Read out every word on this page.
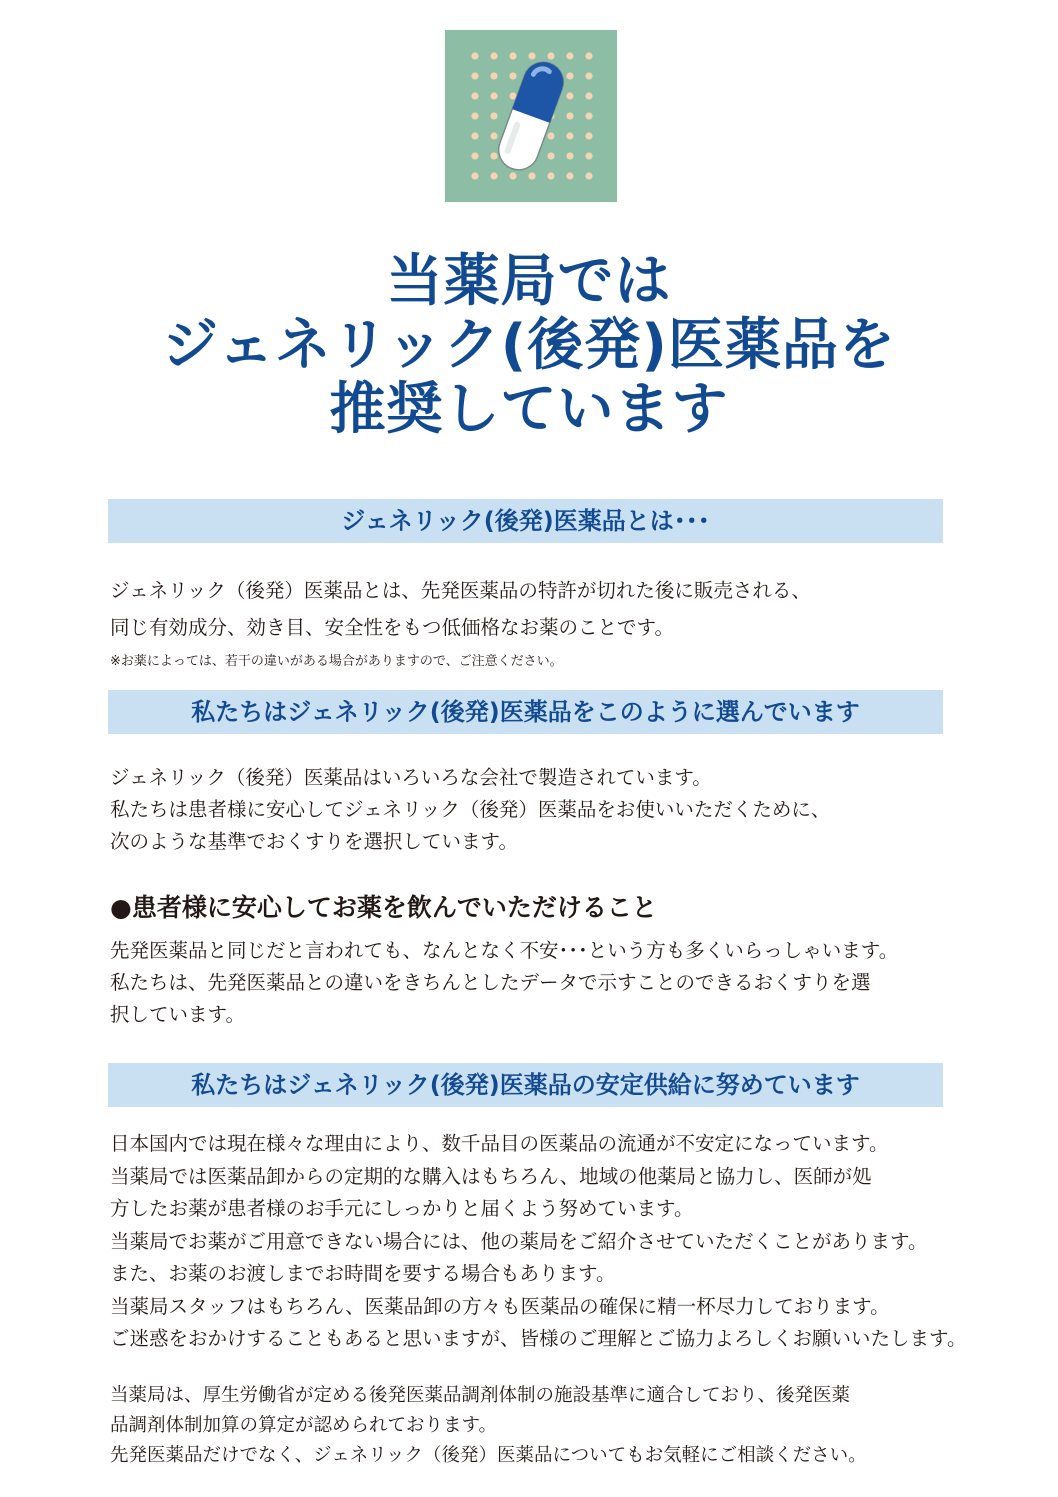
当薬局では
ジェネリック(後発)医薬品を
推奨しています
ジェネリック(後発)医薬品とは･･･
ジェネリック（後発）医薬品とは、先発医薬品の特許が切れた後に販売される、
同じ有効成分、効き目、安全性をもつ低価格なお薬のことです。
※お薬によっては、若干の違いがある場合がありますので、ご注意ください。
私たちはジェネリック(後発)医薬品をこのように選んでいます
ジェネリック（後発）医薬品はいろいろな会社で製造されています。
私たちは患者様に安心してジェネリック（後発）医薬品をお使いいただくために、
次のような基準でおくすりを選択しています。
●患者様に安心してお薬を飲んでいただけること
先発医薬品と同じだと言われても、なんとなく不安･･･という方も多くいらっしゃいます。
私たちは、先発医薬品との違いをきちんとしたデータで示すことのできるおくすりを選
択しています。
私たちはジェネリック(後発)医薬品の安定供給に努めています
日本国内では現在様々な理由により、数千品目の医薬品の流通が不安定になっています。
当薬局では医薬品卸からの定期的な購入はもちろん、地域の他薬局と協力し、医師が処
方したお薬が患者様のお手元にしっかりと届くよう努めています。
当薬局でお薬がご用意できない場合には、他の薬局をご紹介させていただくことがあります。
また、お薬のお渡しまでお時間を要する場合もあります。
当薬局スタッフはもちろん、医薬品卸の方々も医薬品の確保に精一杯尽力しております。
ご迷惑をおかけすることもあると思いますが、皆様のご理解とご協力よろしくお願いいたします。
当薬局は、厚生労働省が定める後発医薬品調剤体制の施設基準に適合しており、後発医薬
品調剤体制加算の算定が認められております。
先発医薬品だけでなく、ジェネリック（後発）医薬品についてもお気軽にご相談ください。
